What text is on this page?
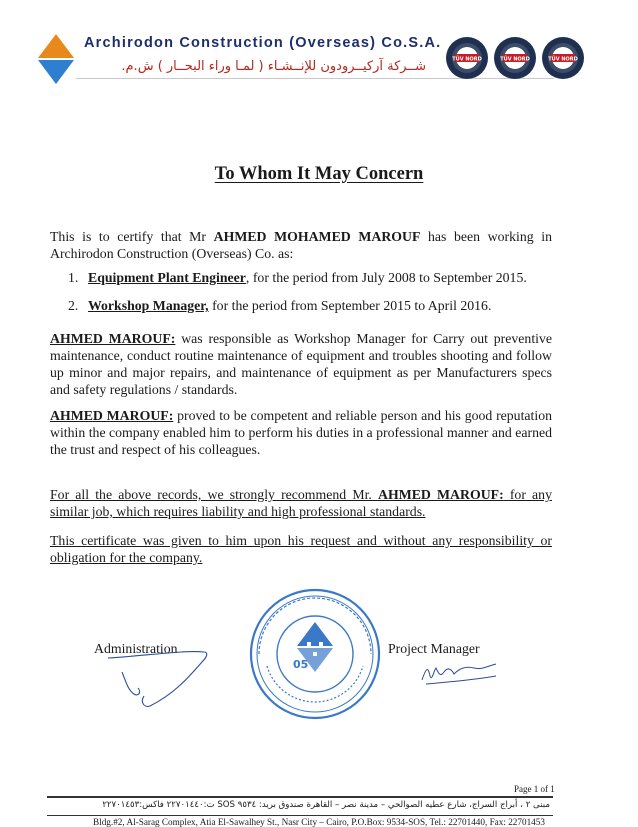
Archirodon Construction (Overseas) Co.S.A.
شــركة آركيــرودون للإنــشـاء ( لمـا وراء البحــار ) ش.م.	TÜV NORD	TÜV NORD	TÜV NORD
To Whom It May Concern
This is to certify that Mr AHMED MOHAMED MAROUF has been working in Archirodon Construction (Overseas) Co. as:
1. Equipment Plant Engineer, for the period from July 2008 to September 2015.
2. Workshop Manager, for the period from September 2015 to April 2016.
AHMED MAROUF: was responsible as Workshop Manager for Carry out preventive maintenance, conduct routine maintenance of equipment and troubles shooting and follow up minor and major repairs, and maintenance of equipment as per Manufacturers specs and safety regulations / standards.
AHMED MAROUF: proved to be competent and reliable person and his good reputation within the company enabled him to perform his duties in a professional manner and earned the trust and respect of his colleagues.
For all the above records, we strongly recommend Mr. AHMED MAROUF: for any similar job, which requires liability and high professional standards.
This certificate was given to him upon his request and without any responsibility or obligation for the company.
Administration
05
Project Manager
Page 1 of 1
مبنى ٢ ، أبراج السراج، شارع عطيه الصوالحي – مدينة نصر – القاهرة صندوق بريد: ٩٥٣٤ SOS ت:٢٢٧٠١٤٤٠ فاكس:٢٢٧٠١٤٥٣
Bldg.#2, Al-Sarag Complex, Atia El-Sawalhey St., Nasr City – Cairo, P.O.Box: 9534-SOS, Tel.: 22701440, Fax: 22701453
